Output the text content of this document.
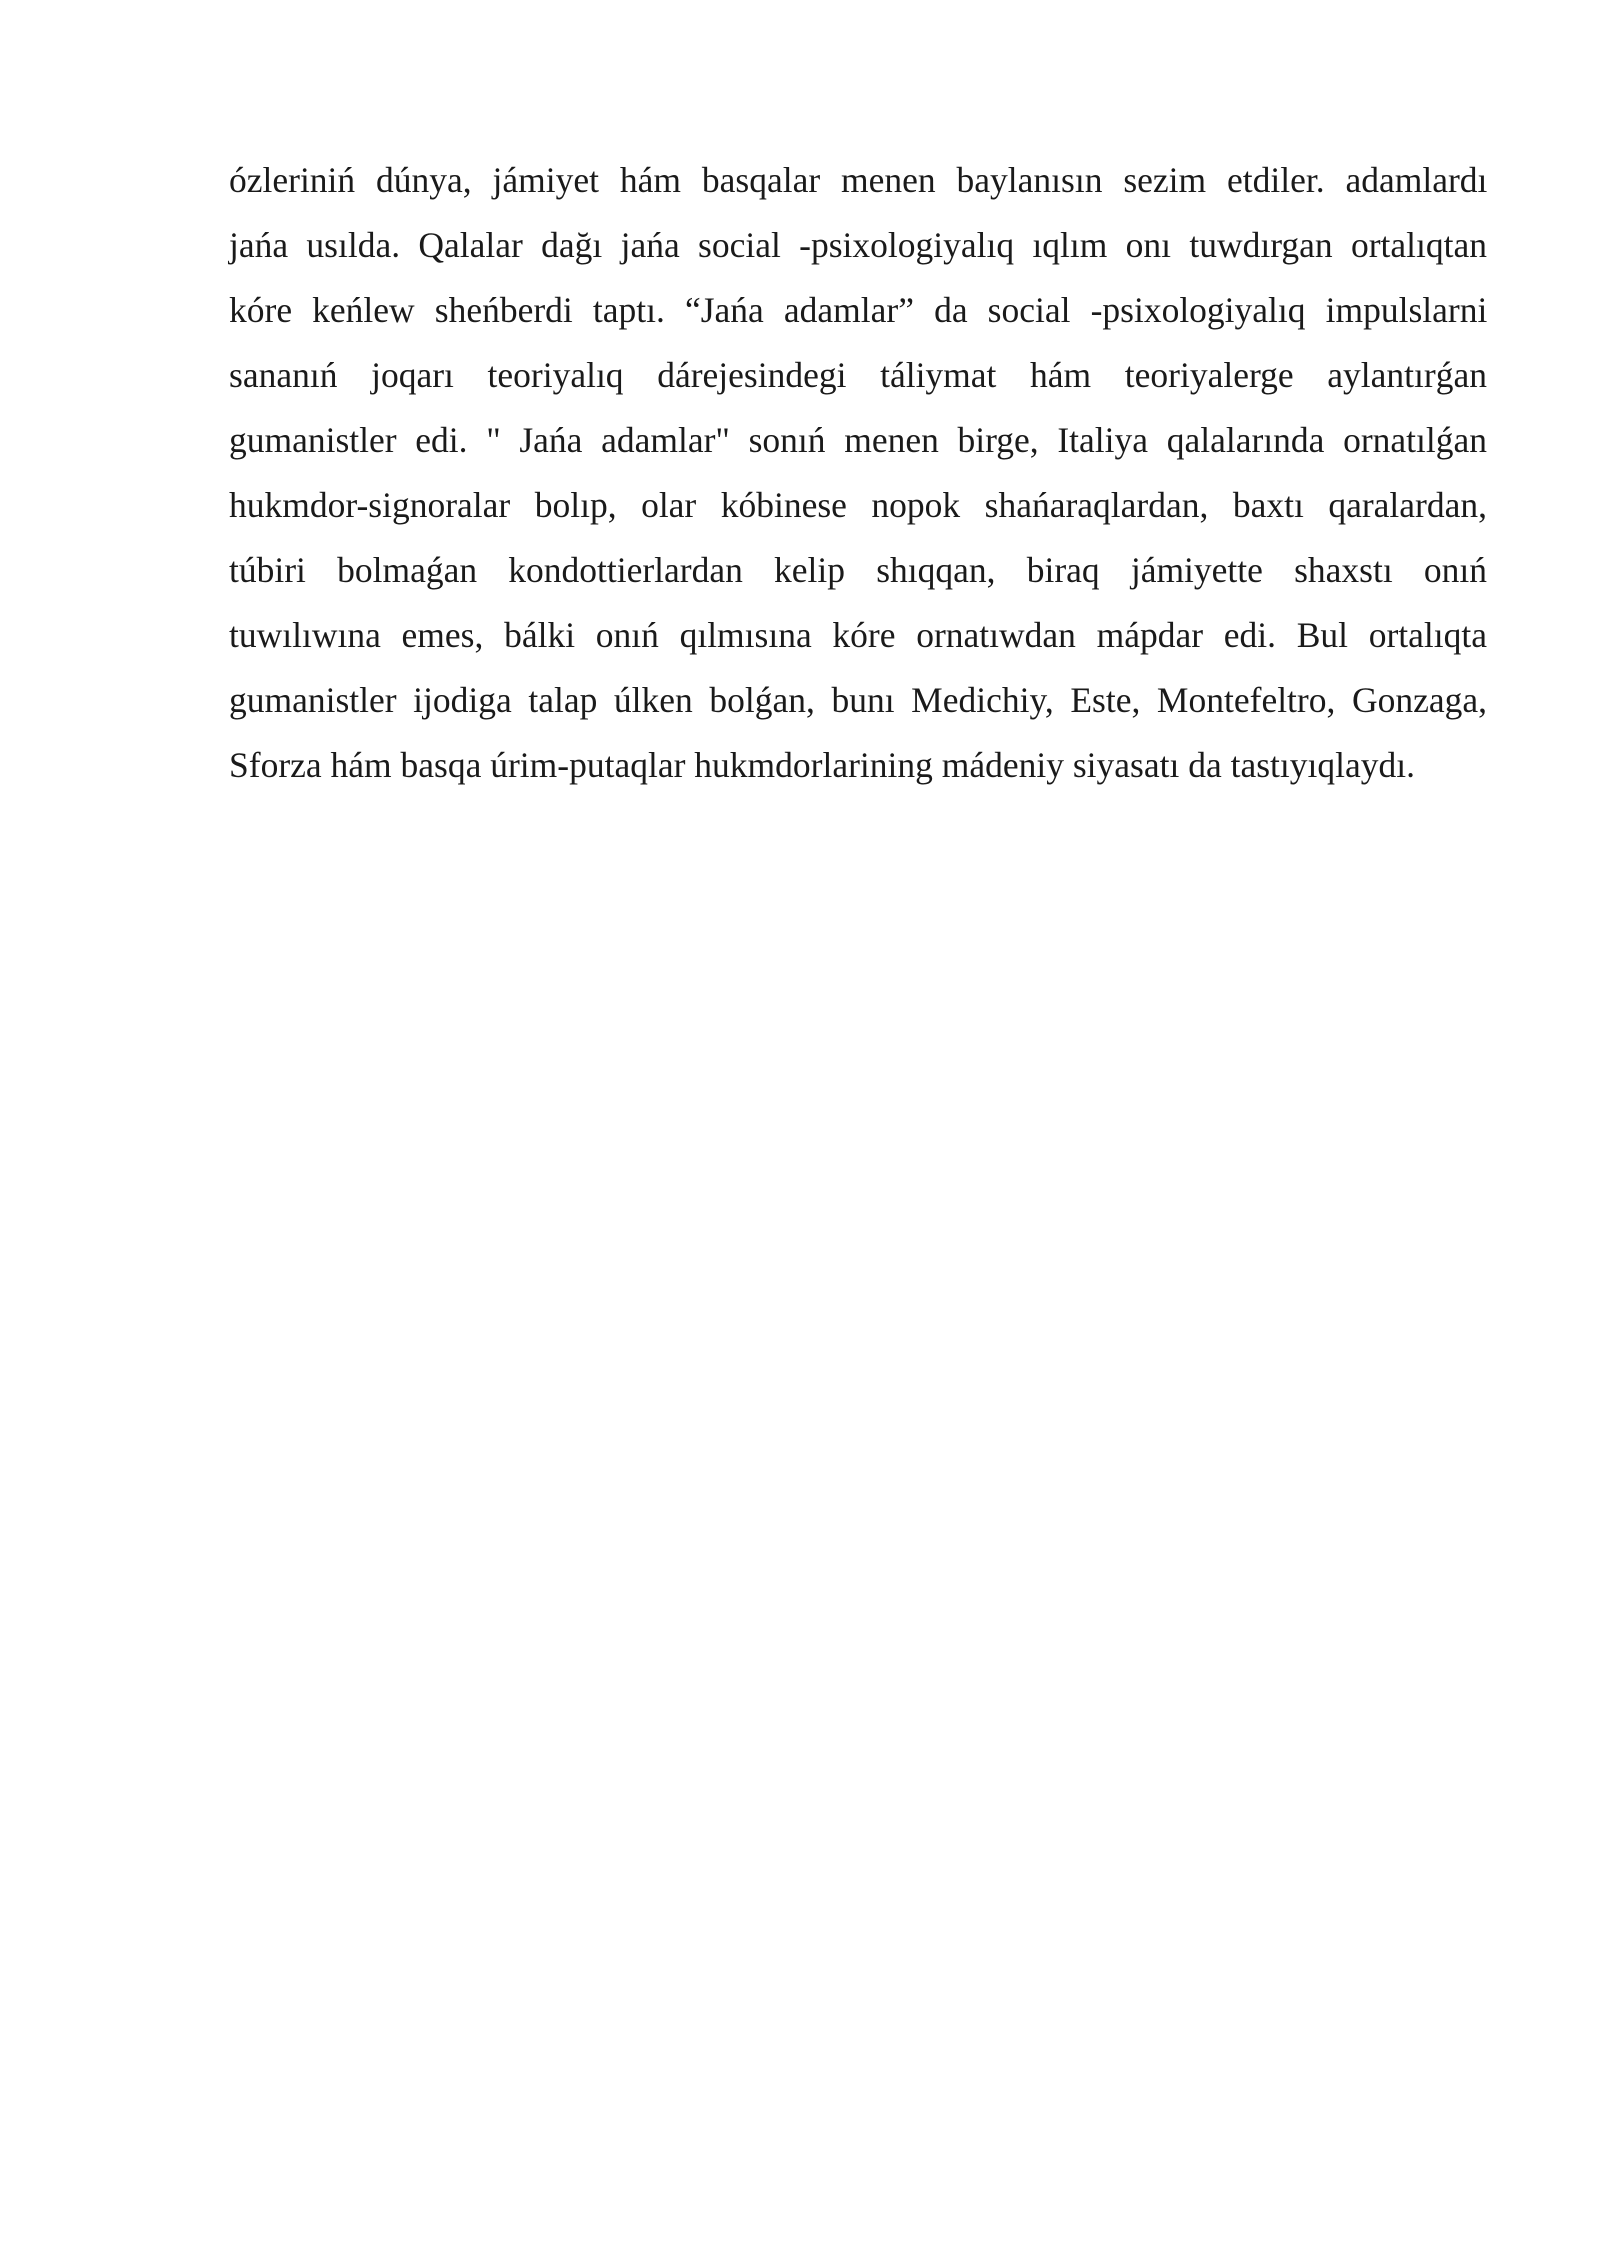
ózleriniń dúnya, jámiyet hám basqalar menen baylanısın sezim etdiler. adamlardı
jańa usılda. Qalalar dağı jańa social -psixologiyalıq ıqlım onı tuwdırgan ortalıqtan
kóre keńlew sheńberdi taptı. “Jańa adamlar” da social -psixologiyalıq impulslarni
sananıń joqarı teoriyalıq dárejesindegi táliymat hám teoriyalerge aylantırǵan
gumanistler edi. " Jańa adamlar" sonıń menen birge, Italiya qalalarında ornatılǵan
hukmdor-signoralar bolıp, olar kóbinese nopok shańaraqlardan, baxtı qaralardan,
túbiri bolmaǵan kondottierlardan kelip shıqqan, biraq jámiyette shaxstı onıń
tuwılıwına emes, bálki onıń qılmısına kóre ornatıwdan mápdar edi. Bul ortalıqta
gumanistler ijodiga talap úlken bolǵan, bunı Medichiy, Este, Montefeltro, Gonzaga,
Sforza hám basqa úrim-putaqlar hukmdorlarining mádeniy siyasatı da tastıyıqlaydı.
